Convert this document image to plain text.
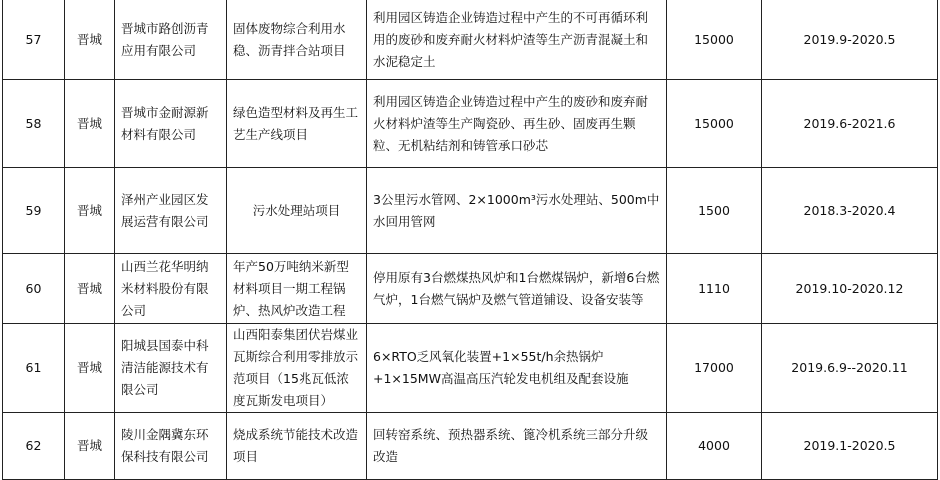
57	晋城	晋城市路创沥青应用有限公司	固体废物综合利用水稳、沥青拌合站项目	利用园区铸造企业铸造过程中产生的不可再循环利用的废砂和废弃耐火材料炉渣等生产沥青混凝土和水泥稳定土	15000	2019.9-2020.5
58	晋城	晋城市金耐源新材料有限公司	绿色造型材料及再生工艺生产线项目	利用园区铸造企业铸造过程中产生的废砂和废弃耐火材料炉渣等生产陶瓷砂、再生砂、固废再生颗粒、无机粘结剂和铸管承口砂芯	15000	2019.6-2021.6
59	晋城	泽州产业园区发展运营有限公司	污水处理站项目	3公里污水管网、2×1000m³污水处理站、500m中水回用管网	1500	2018.3-2020.4
60	晋城	山西兰花华明纳米材料股份有限公司	年产50万吨纳米新型材料项目一期工程锅炉、热风炉改造工程	停用原有3台燃煤热风炉和1台燃煤锅炉，新增6台燃气炉，1台燃气锅炉及燃气管道铺设、设备安装等	1110	2019.10-2020.12
61	晋城	阳城县国泰中科清洁能源技术有限公司	山西阳泰集团伏岩煤业瓦斯综合利用零排放示范项目（15兆瓦低浓度瓦斯发电项目）	6×RTO乏风氧化装置+1×55t/h余热锅炉+1×15MW高温高压汽轮发电机组及配套设施	17000	2019.6.9--2020.11
62	晋城	陵川金隅冀东环保科技有限公司	烧成系统节能技术改造项目	回转窑系统、预热器系统、篦冷机系统三部分升级改造	4000	2019.1-2020.5
